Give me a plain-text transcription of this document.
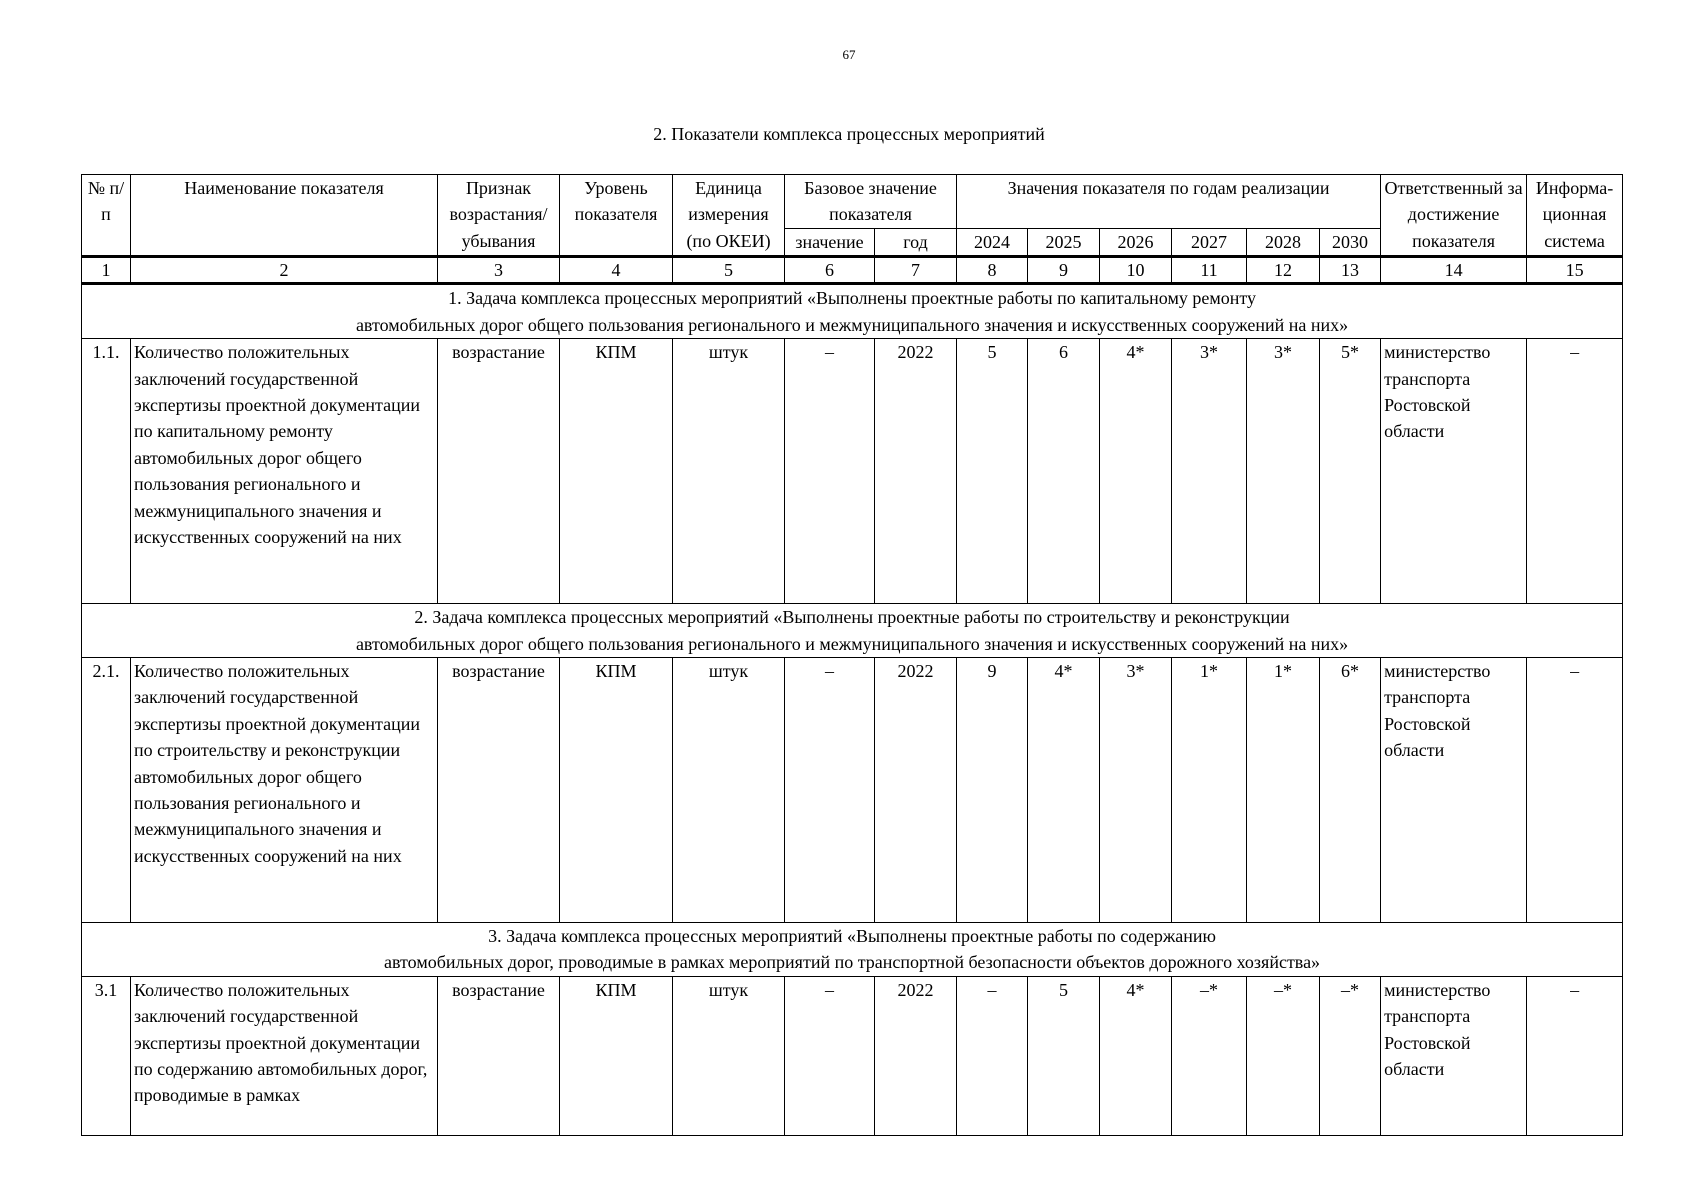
67
2. Показатели комплекса процессных мероприятий
№ п/п	Наименование показателя	Признак возрастания/ убывания	Уровень показателя	Единица измерения (по ОКЕИ)	Базовое значение показателя		Значения показателя по годам реализации						Ответственный за достижение показателя	Информа- ционная система
					значение	год	2024	2025	2026	2027	2028	2030		
1	2	3	4	5	6	7	8	9	10	11	12	13	14	15

1. Задача комплекса процессных мероприятий «Выполнены проектные работы по капитальному ремонту
автомобильных дорог общего пользования регионального и межмуниципального значения и искусственных сооружений на них»														

1.1.	Количество положительных заключений государственной экспертизы проектной документации по капитальному ремонту автомобильных дорог общего пользования регионального и межмуниципального значения и искусственных сооружений на них	возрастание	КПМ	штук	–	2022	5	6	4*	3*	3*	5*	министерство транспорта Ростовской области	–

2. Задача комплекса процессных мероприятий «Выполнены проектные работы по строительству и реконструкции
автомобильных дорог общего пользования регионального и межмуниципального значения и искусственных сооружений на них»														

2.1.	Количество положительных заключений государственной экспертизы проектной документации по строительству и реконструкции автомобильных дорог общего пользования регионального и межмуниципального значения и искусственных сооружений на них	возрастание	КПМ	штук	–	2022	9	4*	3*	1*	1*	6*	министерство транспорта Ростовской области	–

3. Задача комплекса процессных мероприятий «Выполнены проектные работы по содержанию
автомобильных дорог, проводимые в рамках мероприятий по транспортной безопасности объектов дорожного хозяйства»														

3.1	Количество положительных заключений государственной экспертизы проектной документации по содержанию автомобильных дорог, проводимые в рамках	возрастание	КПМ	штук	–	2022	–	5	4*	–*	–*	–*	министерство транспорта Ростовской области	–
